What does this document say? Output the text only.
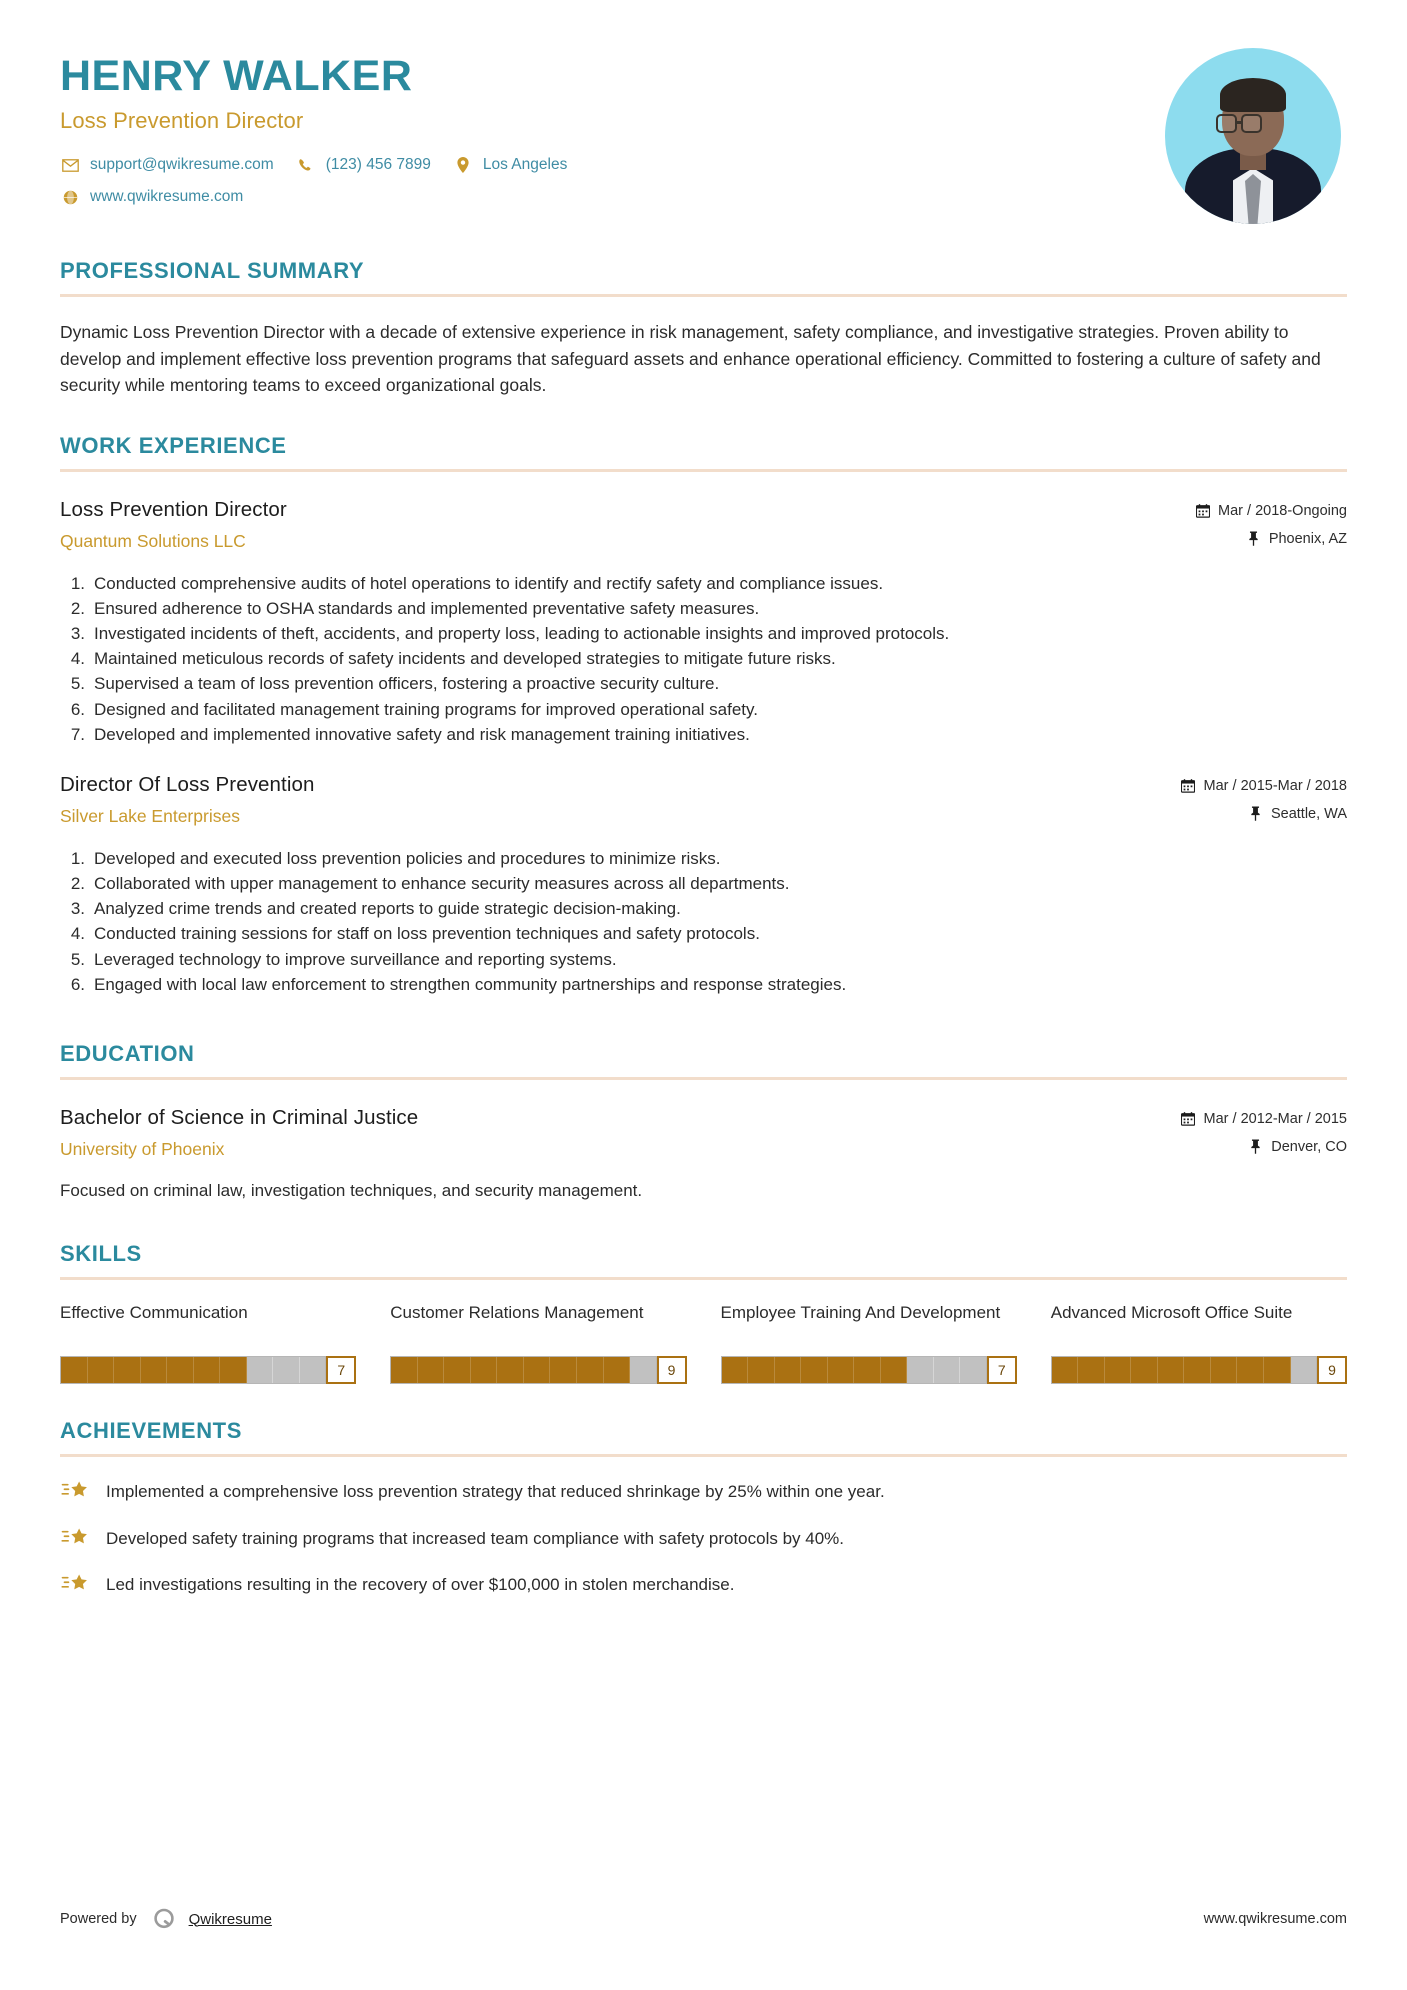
HENRY WALKER
Loss Prevention Director
support@qwikresume.com	(123) 456 7899	Los Angeles
www.qwikresume.com
PROFESSIONAL SUMMARY
Dynamic Loss Prevention Director with a decade of extensive experience in risk management, safety compliance, and investigative strategies. Proven ability to develop and implement effective loss prevention programs that safeguard assets and enhance operational efficiency. Committed to fostering a culture of safety and security while mentoring teams to exceed organizational goals.
WORK EXPERIENCE
Loss Prevention Director
Quantum Solutions LLC
Mar / 2018-Ongoing
Phoenix, AZ
1. Conducted comprehensive audits of hotel operations to identify and rectify safety and compliance issues.
2. Ensured adherence to OSHA standards and implemented preventative safety measures.
3. Investigated incidents of theft, accidents, and property loss, leading to actionable insights and improved protocols.
4. Maintained meticulous records of safety incidents and developed strategies to mitigate future risks.
5. Supervised a team of loss prevention officers, fostering a proactive security culture.
6. Designed and facilitated management training programs for improved operational safety.
7. Developed and implemented innovative safety and risk management training initiatives.
Director Of Loss Prevention
Silver Lake Enterprises
Mar / 2015-Mar / 2018
Seattle, WA
1. Developed and executed loss prevention policies and procedures to minimize risks.
2. Collaborated with upper management to enhance security measures across all departments.
3. Analyzed crime trends and created reports to guide strategic decision-making.
4. Conducted training sessions for staff on loss prevention techniques and safety protocols.
5. Leveraged technology to improve surveillance and reporting systems.
6. Engaged with local law enforcement to strengthen community partnerships and response strategies.
EDUCATION
Bachelor of Science in Criminal Justice
University of Phoenix
Mar / 2012-Mar / 2015
Denver, CO
Focused on criminal law, investigation techniques, and security management.
SKILLS
Effective Communication
7
Customer Relations Management
9
Employee Training And Development
7
Advanced Microsoft Office Suite
9
ACHIEVEMENTS
Implemented a comprehensive loss prevention strategy that reduced shrinkage by 25% within one year.
Developed safety training programs that increased team compliance with safety protocols by 40%.
Led investigations resulting in the recovery of over $100,000 in stolen merchandise.
Powered by	Qwikresume	www.qwikresume.com
